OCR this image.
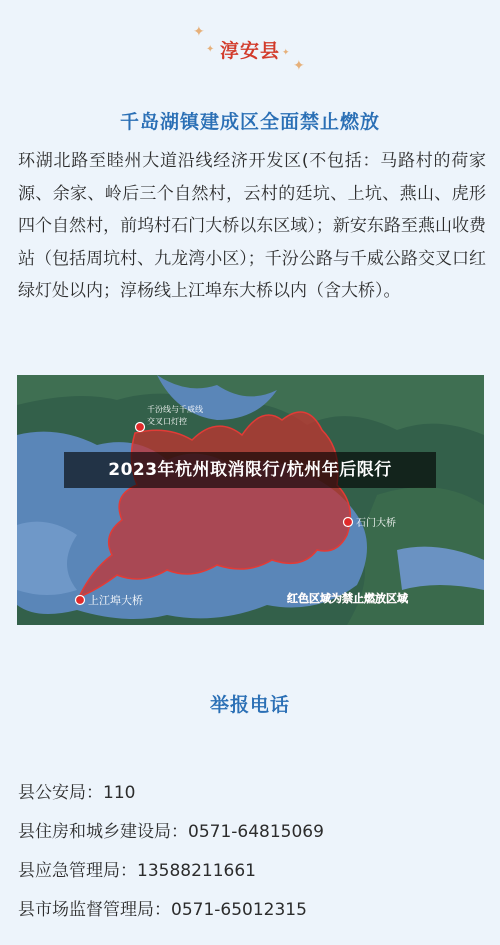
✦
✦ 淳安县
✦
✦
千岛湖镇建成区全面禁止燃放
环湖北路至睦州大道沿线经济开发区(不包括：马路村的荷家源、余家、岭后三个自然村，云村的廷坑、上坑、燕山、虎形四个自然村，前坞村石门大桥以东区域）；新安东路至燕山收费站（包括周坑村、九龙湾小区）；千汾公路与千威公路交叉口红绿灯处以内；淳杨线上江埠东大桥以内（含大桥）。
千汾线与千威线
交叉口灯控
石门大桥
上江埠大桥	红色区域为禁止燃放区域
2023年杭州取消限行/杭州年后限行
举报电话
县公安局：110
县住房和城乡建设局：0571-64815069
县应急管理局：13588211661
县市场监督管理局：0571-65012315
